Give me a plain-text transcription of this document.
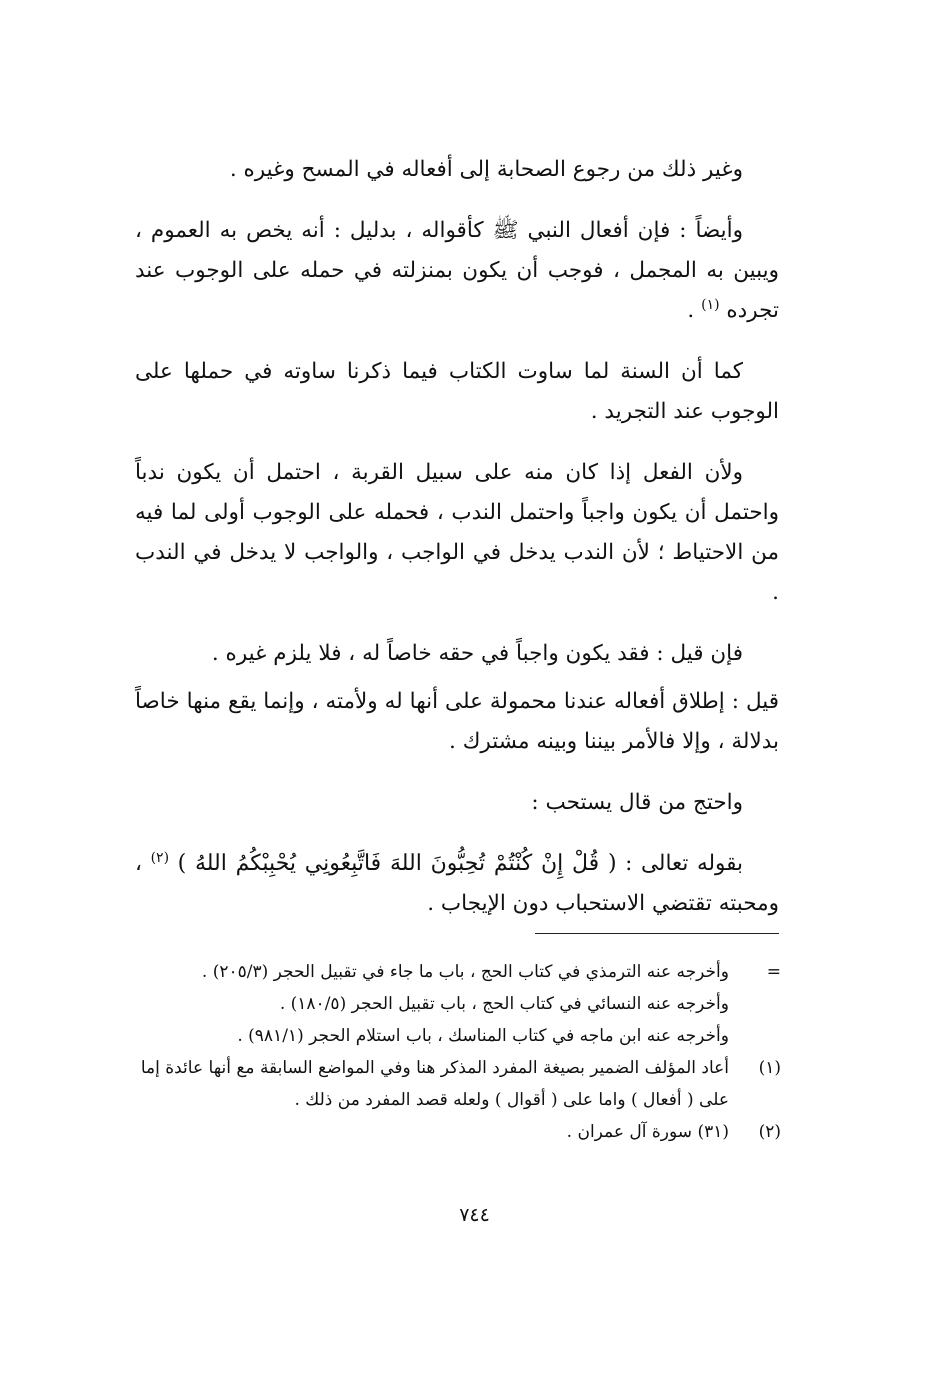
وغير ذلك من رجوع الصحابة إلى أفعاله في المسح وغيره .

وأيضاً : فإن أفعال النبي ﷺ كأقواله ، بدليل : أنه يخص به العموم ، ويبين به المجمل ، فوجب أن يكون بمنزلته في حمله على الوجوب عند تجرده $^{(١)}$ .

كما أن السنة لما ساوت الكتاب فيما ذكرنا ساوته في حملها على الوجوب عند التجريد .

ولأن الفعل إذا كان منه على سبيل القربة ، احتمل أن يكون ندباً واحتمل أن يكون واجباً واحتمل الندب ، فحمله على الوجوب أولى لما فيه من الاحتياط ؛ لأن الندب يدخل في الواجب ، والواجب لا يدخل في الندب .

فإن قيل : فقد يكون واجباً في حقه خاصاً له ، فلا يلزم غيره .

قيل : إطلاق أفعاله عندنا محمولة على أنها له ولأمته ، وإنما يقع منها خاصاً بدلالة ، وإلا فالأمر بيننا وبينه مشترك .

واحتج من قال يستحب :

بقوله تعالى : ( قُلْ إِنْ كُنْتُمْ تُحِبُّونَ اللهَ فَاتَّبِعُونِي يُحْبِبْكُمُ اللهُ ) $^{(٢)}$ ، ومحبته تقتضي الاستحباب دون الإيجاب .

=
وأخرجه عنه الترمذي في كتاب الحج ، باب ما جاء في تقبيل الحجر (٢٠٥/٣) .
وأخرجه عنه النسائي في كتاب الحج ، باب تقبيل الحجر (١٨٠/٥) .
وأخرجه عنه ابن ماجه في كتاب المناسك ، باب استلام الحجر (٩٨١/١) .
(١)
أعاد المؤلف الضمير بصيغة المفرد المذكر هنا وفي المواضع السابقة مع أنها عائدة إما على ( أفعال ) واما على ( أقوال ) ولعله قصد المفرد من ذلك .
(٢)
(٣١) سورة آل عمران .
٧٤٤
